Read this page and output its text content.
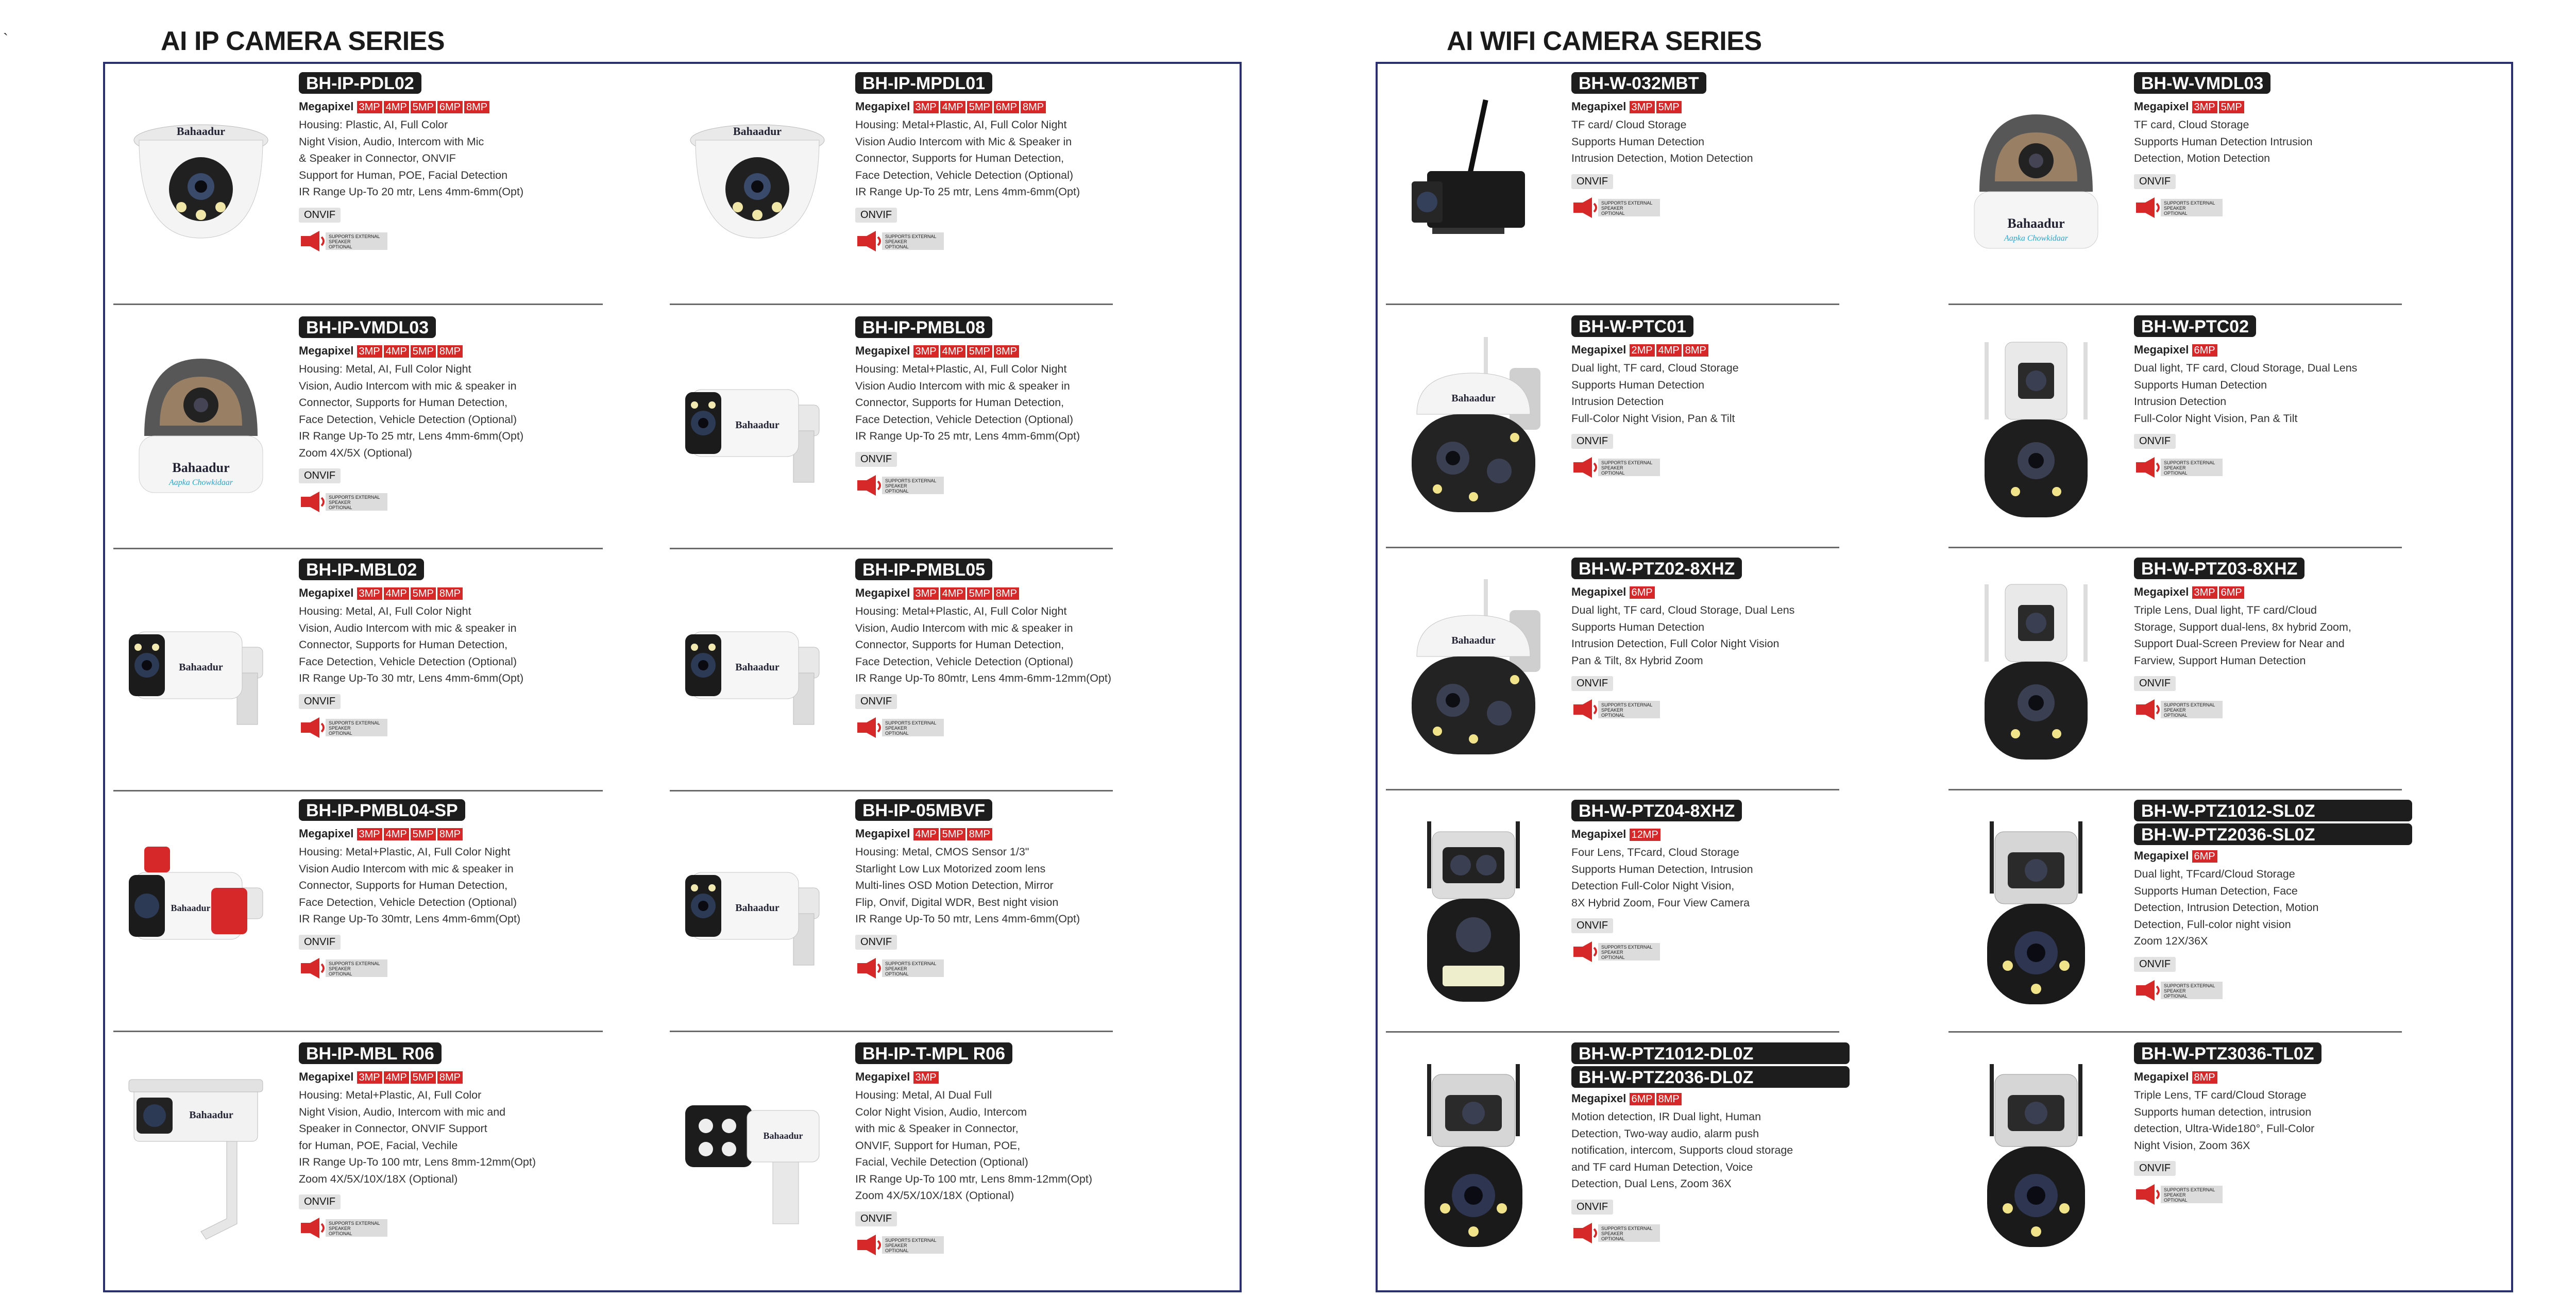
`	AI IP CAMERA SERIES	AI WIFI CAMERA SERIES
Bahaadur
BH-IP-PDL02
Megapixel 3MP 4MP 5MP 6MP 8MP
Housing: Plastic, AI, Full Color
Night Vision, Audio, Intercom with Mic
& Speaker in Connector, ONVIF
Support for Human, POE, Facial Detection
IR Range Up-To 20 mtr, Lens 4mm-6mm(Opt)
ONVIF
SUPPORTS EXTERNAL
SPEAKER
OPTIONAL
Bahaadur
BH-IP-MPDL01
Megapixel 3MP 4MP 5MP 6MP 8MP
Housing: Metal+Plastic, AI, Full Color Night
Vision Audio Intercom with Mic & Speaker in
Connector, Supports for Human Detection,
Face Detection, Vehicle Detection (Optional)
IR Range Up-To 25 mtr, Lens 4mm-6mm(Opt)
ONVIF
SUPPORTS EXTERNAL
SPEAKER
OPTIONAL
Bahaadur
Aapka Chowkidaar
BH-IP-VMDL03
Megapixel 3MP 4MP 5MP 8MP
Housing: Metal, AI, Full Color Night
Vision, Audio Intercom with mic & speaker in
Connector, Supports for Human Detection,
Face Detection, Vehicle Detection (Optional)
IR Range Up-To 25 mtr, Lens 4mm-6mm(Opt)
Zoom 4X/5X (Optional)
ONVIF
SUPPORTS EXTERNAL
SPEAKER
OPTIONAL
Bahaadur
BH-IP-PMBL08
Megapixel 3MP 4MP 5MP 8MP
Housing: Metal+Plastic, AI, Full Color Night
Vision Audio Intercom with mic & speaker in
Connector, Supports for Human Detection,
Face Detection, Vehicle Detection (Optional)
IR Range Up-To 25 mtr, Lens 4mm-6mm(Opt)
ONVIF
SUPPORTS EXTERNAL
SPEAKER
OPTIONAL
Bahaadur
BH-IP-MBL02
Megapixel 3MP 4MP 5MP 8MP
Housing: Metal, AI, Full Color Night
Vision, Audio Intercom with mic & speaker in
Connector, Supports for Human Detection,
Face Detection, Vehicle Detection (Optional)
IR Range Up-To 30 mtr, Lens 4mm-6mm(Opt)
ONVIF
SUPPORTS EXTERNAL
SPEAKER
OPTIONAL
Bahaadur
BH-IP-PMBL05
Megapixel 3MP 4MP 5MP 8MP
Housing: Metal+Plastic, AI, Full Color Night
Vision, Audio Intercom with mic & speaker in
Connector, Supports for Human Detection,
Face Detection, Vehicle Detection (Optional)
IR Range Up-To 80mtr, Lens 4mm-6mm-12mm(Opt)
ONVIF
SUPPORTS EXTERNAL
SPEAKER
OPTIONAL
Bahaadur
BH-IP-PMBL04-SP
Megapixel 3MP 4MP 5MP 8MP
Housing: Metal+Plastic, AI, Full Color Night
Vision Audio Intercom with mic & speaker in
Connector, Supports for Human Detection,
Face Detection, Vehicle Detection (Optional)
IR Range Up-To 30mtr, Lens 4mm-6mm(Opt)
ONVIF
SUPPORTS EXTERNAL
SPEAKER
OPTIONAL
Bahaadur
BH-IP-05MBVF
Megapixel 4MP 5MP 8MP
Housing: Metal, CMOS Sensor 1/3"
Starlight Low Lux Motorized zoom lens
Multi-lines OSD Motion Detection, Mirror
Flip, Onvif, Digital WDR, Best night vision
IR Range Up-To 50 mtr, Lens 4mm-6mm(Opt)
ONVIF
SUPPORTS EXTERNAL
SPEAKER
OPTIONAL
Bahaadur
BH-IP-MBL R06
Megapixel 3MP 4MP 5MP 8MP
Housing: Metal+Plastic, AI, Full Color
Night Vision, Audio, Intercom with mic and
Speaker in Connector, ONVIF Support
for Human, POE, Facial, Vechile
IR Range Up-To 100 mtr, Lens 8mm-12mm(Opt)
Zoom 4X/5X/10X/18X (Optional)
ONVIF
SUPPORTS EXTERNAL
SPEAKER
OPTIONAL
Bahaadur
BH-IP-T-MPL R06
Megapixel 3MP
Housing: Metal, AI Dual Full
Color Night Vision, Audio, Intercom
with mic & Speaker in Connector,
ONVIF, Support for Human, POE,
Facial, Vechile Detection (Optional)
IR Range Up-To 100 mtr, Lens 8mm-12mm(Opt)
Zoom 4X/5X/10X/18X (Optional)
ONVIF
SUPPORTS EXTERNAL
SPEAKER
OPTIONAL
BH-W-032MBT
Megapixel 3MP 5MP
TF card/ Cloud Storage
Supports Human Detection
Intrusion Detection, Motion Detection
ONVIF
SUPPORTS EXTERNAL
SPEAKER
OPTIONAL
Bahaadur
Aapka Chowkidaar
BH-W-VMDL03
Megapixel 3MP 5MP
TF card, Cloud Storage
Supports Human Detection Intrusion
Detection, Motion Detection
ONVIF
SUPPORTS EXTERNAL
SPEAKER
OPTIONAL
Bahaadur
BH-W-PTC01
Megapixel 2MP 4MP 8MP
Dual light, TF card, Cloud Storage
Supports Human Detection
Intrusion Detection
Full-Color Night Vision, Pan & Tilt
ONVIF
SUPPORTS EXTERNAL
SPEAKER
OPTIONAL
BH-W-PTC02
Megapixel 6MP
Dual light, TF card, Cloud Storage, Dual Lens
Supports Human Detection
Intrusion Detection
Full-Color Night Vision, Pan & Tilt
ONVIF
SUPPORTS EXTERNAL
SPEAKER
OPTIONAL
Bahaadur
BH-W-PTZ02-8XHZ
Megapixel 6MP
Dual light, TF card, Cloud Storage, Dual Lens
Supports Human Detection
Intrusion Detection, Full Color Night Vision
Pan & Tilt, 8x Hybrid Zoom
ONVIF
SUPPORTS EXTERNAL
SPEAKER
OPTIONAL
BH-W-PTZ03-8XHZ
Megapixel 3MP 6MP
Triple Lens, Dual light, TF card/Cloud
Storage, Support dual-lens, 8x hybrid Zoom,
Support Dual-Screen Preview for Near and
Farview, Support Human Detection
ONVIF
SUPPORTS EXTERNAL
SPEAKER
OPTIONAL
BH-W-PTZ04-8XHZ
Megapixel 12MP
Four Lens, TFcard, Cloud Storage
Supports Human Detection, Intrusion
Detection Full-Color Night Vision,
8X Hybrid Zoom, Four View Camera
ONVIF
SUPPORTS EXTERNAL
SPEAKER
OPTIONAL
BH-W-PTZ1012-SL0Z
BH-W-PTZ2036-SL0Z
Megapixel 6MP
Dual light, TFcard/Cloud Storage
Supports Human Detection, Face
Detection, Intrusion Detection, Motion
Detection, Full-color night vision
Zoom 12X/36X
ONVIF
SUPPORTS EXTERNAL
SPEAKER
OPTIONAL
BH-W-PTZ1012-DL0Z
BH-W-PTZ2036-DL0Z
Megapixel 6MP 8MP
Motion detection, IR Dual light, Human
Detection, Two-way audio, alarm push
notification, intercom, Supports cloud storage
and TF card Human Detection, Voice
Detection, Dual Lens, Zoom 36X
ONVIF
SUPPORTS EXTERNAL
SPEAKER
OPTIONAL
BH-W-PTZ3036-TL0Z
Megapixel 8MP
Triple Lens, TF card/Cloud Storage
Supports human detection, intrusion
detection, Ultra-Wide180°, Full-Color
Night Vision, Zoom 36X
ONVIF
SUPPORTS EXTERNAL
SPEAKER
OPTIONAL
